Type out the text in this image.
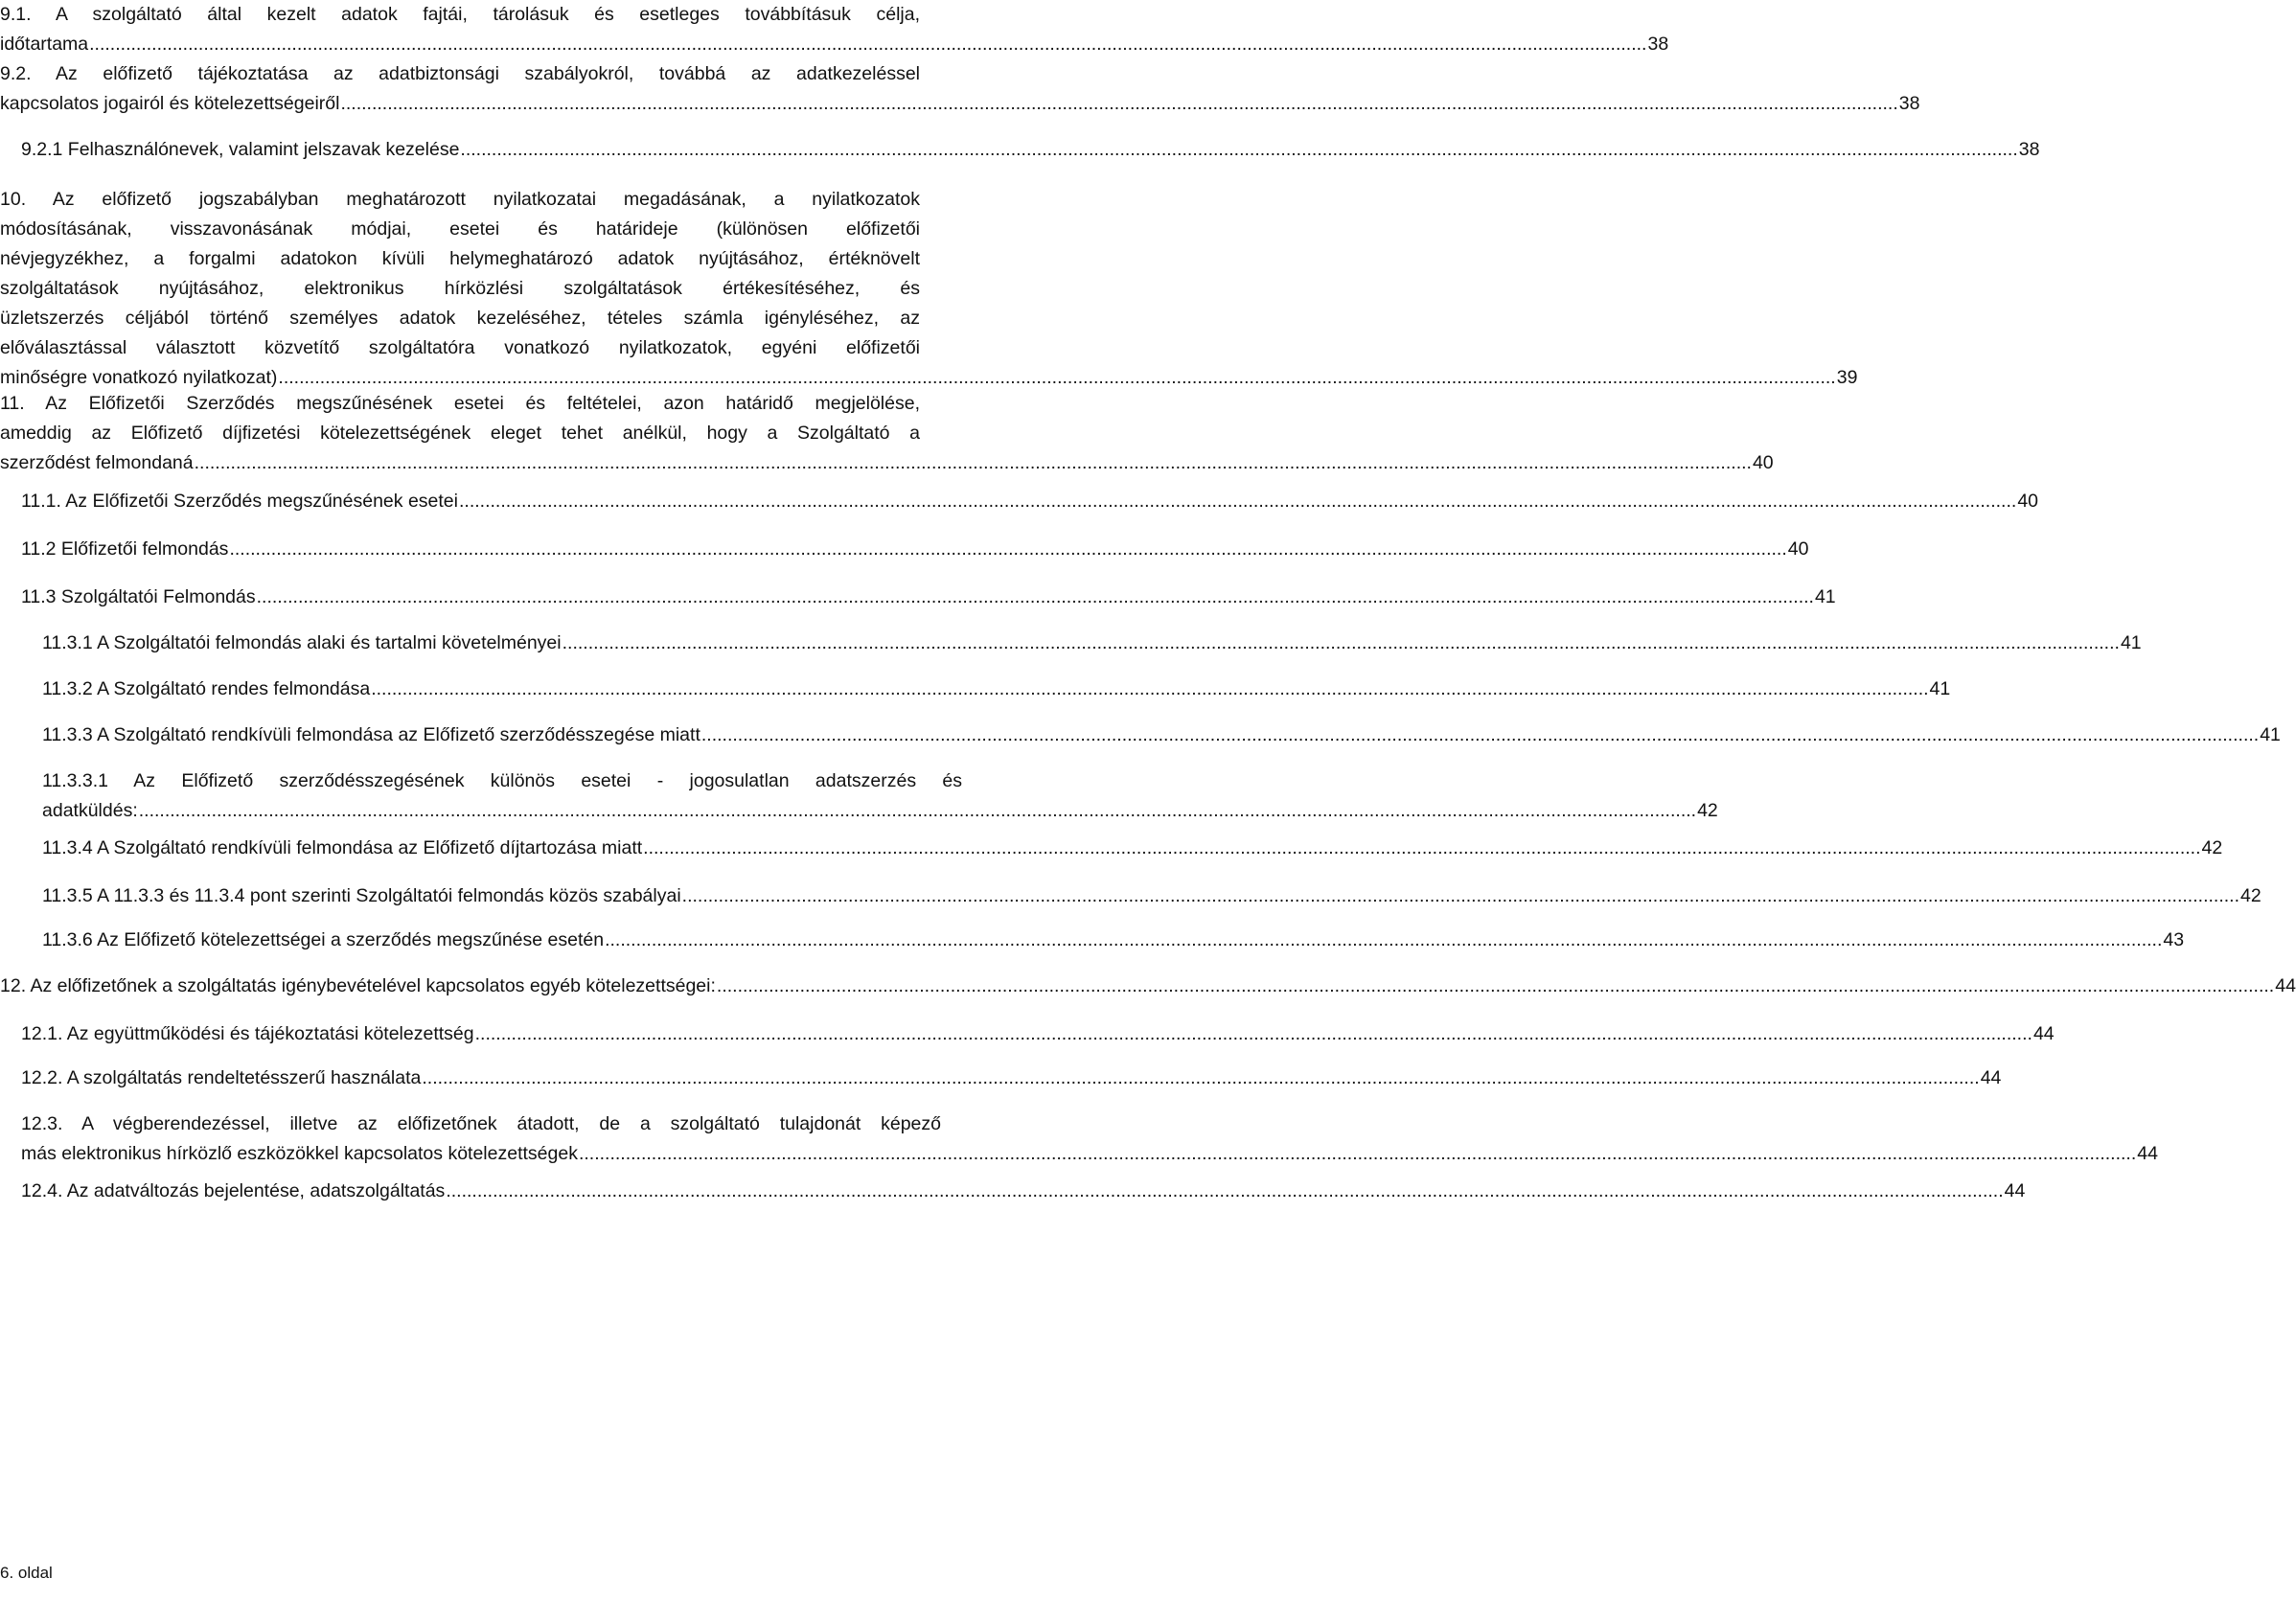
9.1. A szolgáltató által kezelt adatok fajtái, tárolásuk és esetleges továbbításuk célja,
időtartama ............................................................................................................................................................................................................................................................................................................ 38
9.2. Az előfizető tájékoztatása az adatbiztonsági szabályokról, továbbá az adatkezeléssel
kapcsolatos jogairól és kötelezettségeiről ............................................................................................................................................................................................................................................................................................................ 38
9.2.1 Felhasználónevek, valamint jelszavak kezelése ............................................................................................................................................................................................................................................................................................................ 38
10. Az előfizető jogszabályban meghatározott nyilatkozatai megadásának, a nyilatkozatok
módosításának, visszavonásának módjai, esetei és határideje (különösen előfizetői
névjegyzékhez, a forgalmi adatokon kívüli helymeghatározó adatok nyújtásához, értéknövelt
szolgáltatások nyújtásához, elektronikus hírközlési szolgáltatások értékesítéséhez, és
üzletszerzés céljából történő személyes adatok kezeléséhez, tételes számla igényléséhez, az
előválasztással választott közvetítő szolgáltatóra vonatkozó nyilatkozatok, egyéni előfizetői
minőségre vonatkozó nyilatkozat) ............................................................................................................................................................................................................................................................................................................ 39
11. Az Előfizetői Szerződés megszűnésének esetei és feltételei, azon határidő megjelölése,
ameddig az Előfizető díjfizetési kötelezettségének eleget tehet anélkül, hogy a Szolgáltató a
szerződést felmondaná ............................................................................................................................................................................................................................................................................................................ 40
11.1. Az Előfizetői Szerződés megszűnésének esetei ............................................................................................................................................................................................................................................................................................................ 40
11.2 Előfizetői felmondás ............................................................................................................................................................................................................................................................................................................ 40
11.3 Szolgáltatói Felmondás ............................................................................................................................................................................................................................................................................................................ 41
11.3.1 A Szolgáltatói felmondás alaki és tartalmi követelményei ............................................................................................................................................................................................................................................................................................................ 41
11.3.2 A Szolgáltató rendes felmondása ............................................................................................................................................................................................................................................................................................................ 41
11.3.3 A Szolgáltató rendkívüli felmondása az Előfizető szerződésszegése miatt ............................................................................................................................................................................................................................................................................................................ 41
11.3.3.1 Az Előfizető szerződésszegésének különös esetei - jogosulatlan adatszerzés és
adatküldés: ............................................................................................................................................................................................................................................................................................................ 42
11.3.4 A Szolgáltató rendkívüli felmondása az Előfizető díjtartozása miatt ............................................................................................................................................................................................................................................................................................................ 42
11.3.5 A 11.3.3 és 11.3.4 pont szerinti Szolgáltatói felmondás közös szabályai ............................................................................................................................................................................................................................................................................................................ 42
11.3.6 Az Előfizető kötelezettségei a szerződés megszűnése esetén ............................................................................................................................................................................................................................................................................................................ 43
12. Az előfizetőnek a szolgáltatás igénybevételével kapcsolatos egyéb kötelezettségei: ............................................................................................................................................................................................................................................................................................................ 44
12.1. Az együttműködési és tájékoztatási kötelezettség ............................................................................................................................................................................................................................................................................................................ 44
12.2. A szolgáltatás rendeltetésszerű használata ............................................................................................................................................................................................................................................................................................................ 44
12.3. A végberendezéssel, illetve az előfizetőnek átadott, de a szolgáltató tulajdonát képező
más elektronikus hírközlő eszközökkel kapcsolatos kötelezettségek ............................................................................................................................................................................................................................................................................................................ 44
12.4. Az adatváltozás bejelentése, adatszolgáltatás ............................................................................................................................................................................................................................................................................................................ 44
6. oldal
